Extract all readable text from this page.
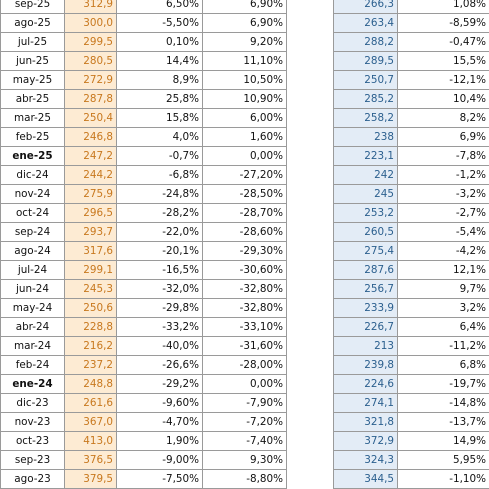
sep-25	312,9	6,50%	6,90%		266,3	1,08%
ago-25	300,0	-5,50%	6,90%		263,4	-8,59%
jul-25	299,5	0,10%	9,20%		288,2	-0,47%
jun-25	280,5	14,4%	11,10%		289,5	15,5%
may-25	272,9	8,9%	10,50%		250,7	-12,1%
abr-25	287,8	25,8%	10,90%		285,2	10,4%
mar-25	250,4	15,8%	6,00%		258,2	8,2%
feb-25	246,8	4,0%	1,60%		238	6,9%
ene-25	247,2	-0,7%	0,00%		223,1	-7,8%
dic-24	244,2	-6,8%	-27,20%		242	-1,2%
nov-24	275,9	-24,8%	-28,50%		245	-3,2%
oct-24	296,5	-28,2%	-28,70%		253,2	-2,7%
sep-24	293,7	-22,0%	-28,60%		260,5	-5,4%
ago-24	317,6	-20,1%	-29,30%		275,4	-4,2%
jul-24	299,1	-16,5%	-30,60%		287,6	12,1%
jun-24	245,3	-32,0%	-32,80%		256,7	9,7%
may-24	250,6	-29,8%	-32,80%		233,9	3,2%
abr-24	228,8	-33,2%	-33,10%		226,7	6,4%
mar-24	216,2	-40,0%	-31,60%		213	-11,2%
feb-24	237,2	-26,6%	-28,00%		239,8	6,8%
ene-24	248,8	-29,2%	0,00%		224,6	-19,7%
dic-23	261,6	-9,60%	-7,90%		274,1	-14,8%
nov-23	367,0	-4,70%	-7,20%		321,8	-13,7%
oct-23	413,0	1,90%	-7,40%		372,9	14,9%
sep-23	376,5	-9,00%	9,30%		324,3	5,95%
ago-23	379,5	-7,50%	-8,80%		344,5	-1,10%
